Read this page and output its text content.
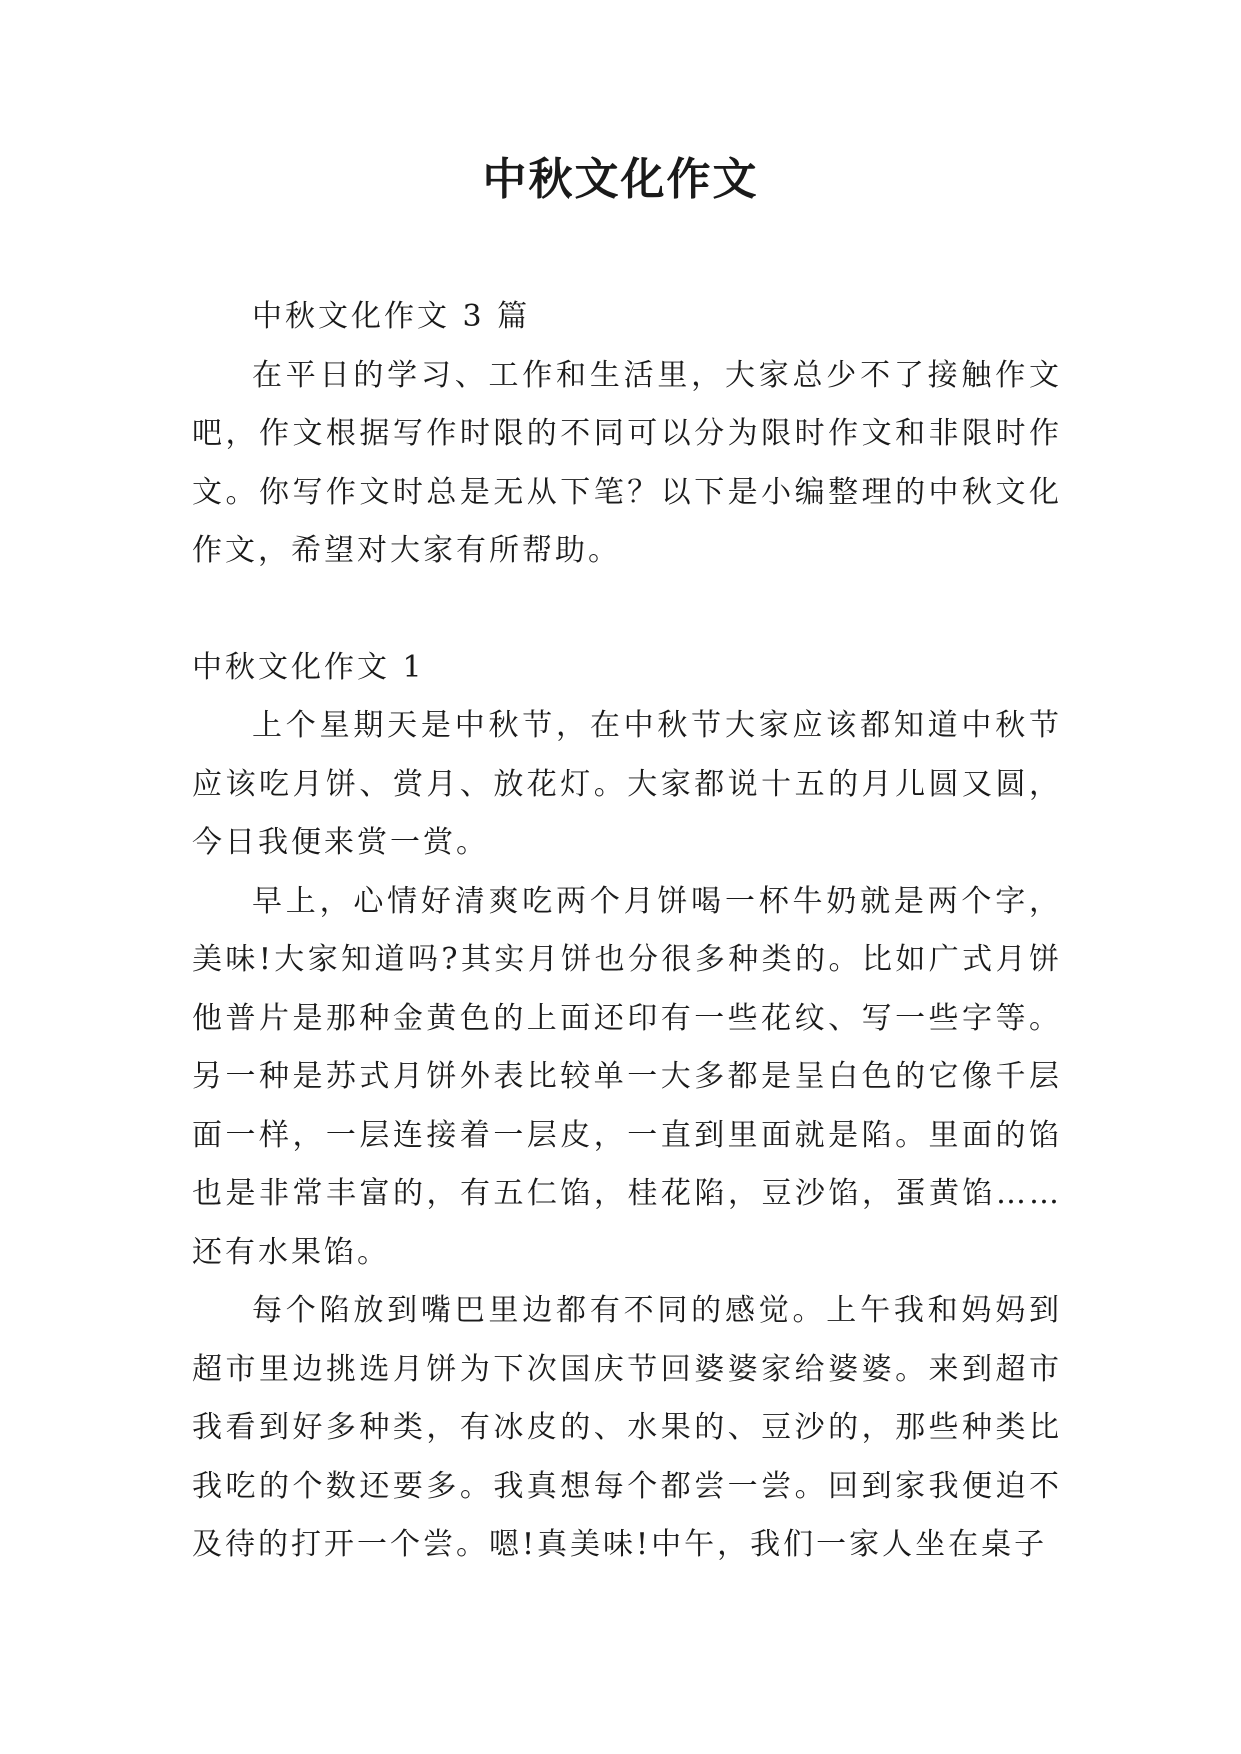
中秋文化作文

中秋文化作文 3 篇

在平日的学习、工作和生活里，大家总少不了接触作文吧，作文根据写作时限的不同可以分为限时作文和非限时作文。你写作文时总是无从下笔？以下是小编整理的中秋文化作文，希望对大家有所帮助。

中秋文化作文 1

上个星期天是中秋节，在中秋节大家应该都知道中秋节应该吃月饼、赏月、放花灯。大家都说十五的月儿圆又圆，今日我便来赏一赏。

早上，心情好清爽吃两个月饼喝一杯牛奶就是两个字，美味!大家知道吗?其实月饼也分很多种类的。比如广式月饼他普片是那种金黄色的上面还印有一些花纹、写一些字等。另一种是苏式月饼外表比较单一大多都是呈白色的它像千层面一样，一层连接着一层皮，一直到里面就是陷。里面的馅也是非常丰富的，有五仁馅，桂花陷，豆沙馅，蛋黄馅……还有水果馅。

每个陷放到嘴巴里边都有不同的感觉。上午我和妈妈到超市里边挑选月饼为下次国庆节回婆婆家给婆婆。来到超市我看到好多种类，有冰皮的、水果的、豆沙的，那些种类比我吃的个数还要多。我真想每个都尝一尝。回到家我便迫不及待的打开一个尝。嗯!真美味!中午，我们一家人坐在桌子
